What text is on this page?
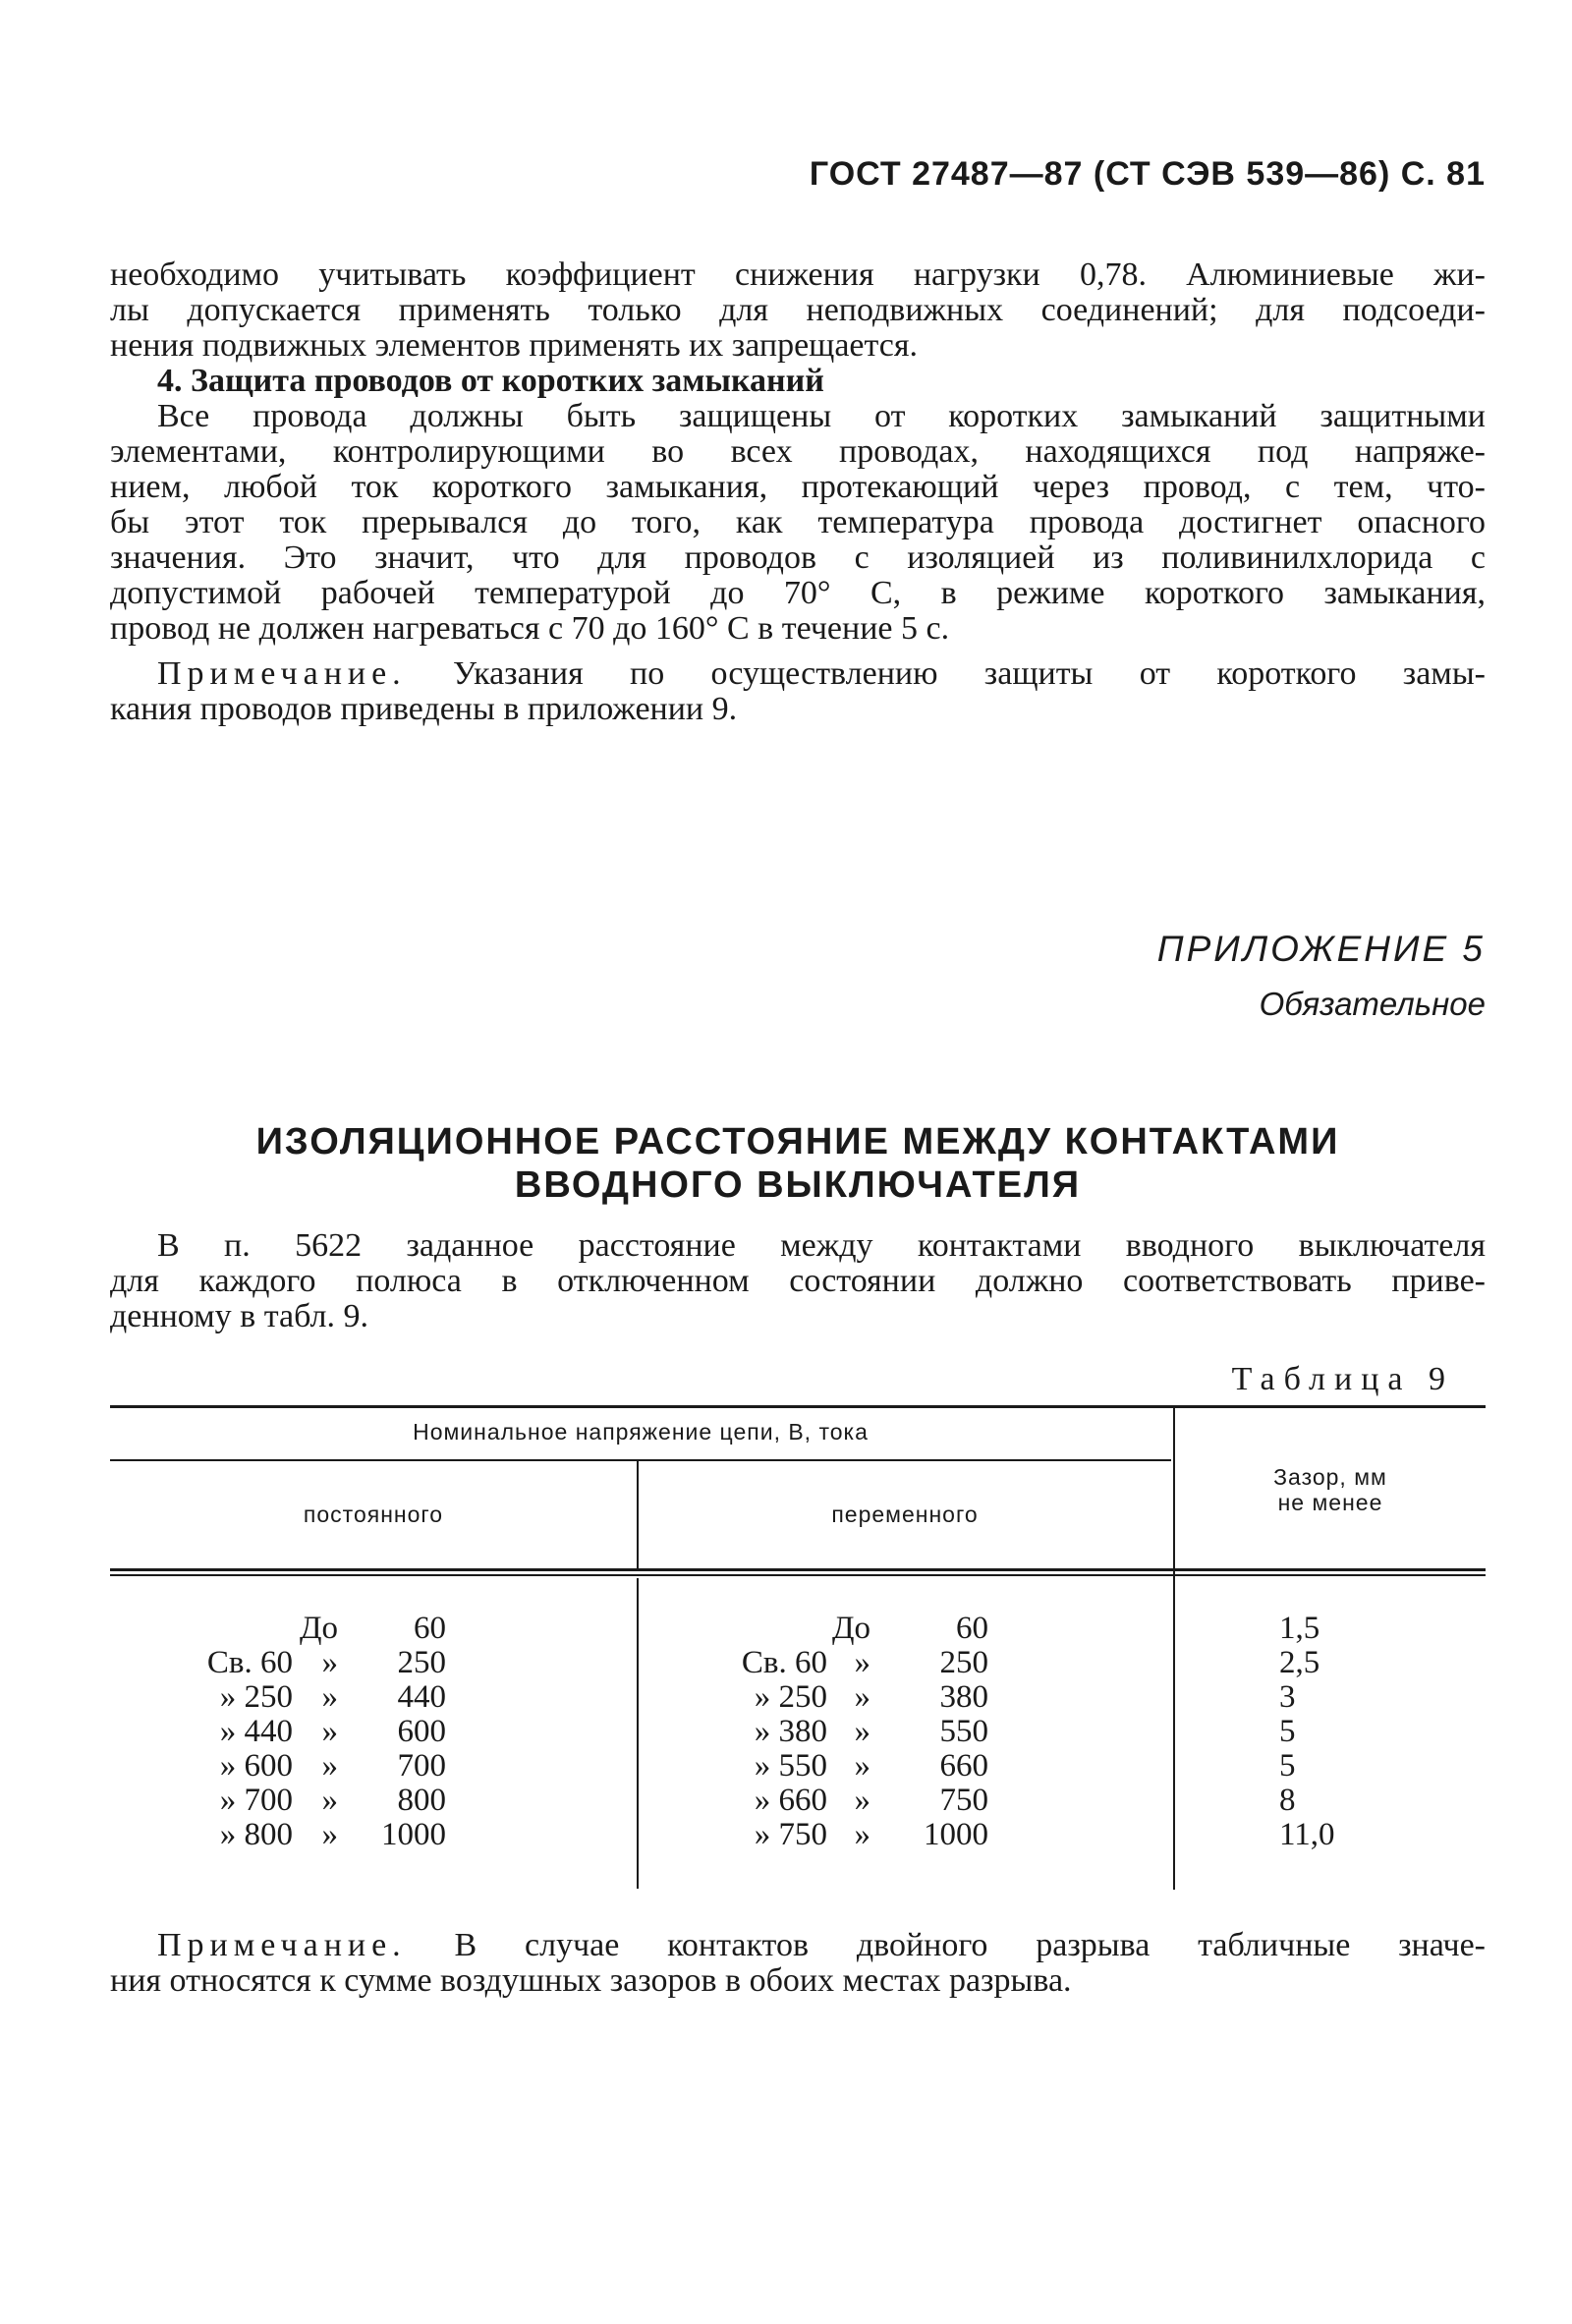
ГОСТ 27487—87 (СТ СЭВ 539—86) С. 81
необходимо учитывать коэффициент снижения нагрузки 0,78. Алюминиевые жи-
лы допускается применять только для неподвижных соединений; для подсоеди-
нения подвижных элементов применять их запрещается.
4. Защита проводов от коротких замыканий
Все провода должны быть защищены от коротких замыканий защитными
элементами, контролирующими во всех проводах, находящихся под напряже-
нием, любой ток короткого замыкания, протекающий через провод, с тем, что-
бы этот ток прерывался до того, как температура провода достигнет опасного
значения. Это значит, что для проводов с изоляцией из поливинилхлорида с
допустимой рабочей температурой до 70° С, в режиме короткого замыкания,
провод не должен нагреваться с 70 до 160° С в течение 5 с.
Примечание. Указания по осуществлению защиты от короткого замы-
кания проводов приведены в приложении 9.
ПРИЛОЖЕНИЕ 5
Обязательное
ИЗОЛЯЦИОННОЕ РАССТОЯНИЕ МЕЖДУ КОНТАКТАМИ
ВВОДНОГО ВЫКЛЮЧАТЕЛЯ
В п. 5622 заданное расстояние между контактами вводного выключателя
для каждого полюса в отключенном состоянии должно соответствовать приве-
денному в табл. 9.
Таблица 9
Номинальное напряжение цепи, В, тока
постоянного	переменного
Зазор, мм
не менее
До	60	До	60	1,5
Св. 60 »	250	Св. 60 »	250	2,5
» 250 »	440	» 250 »	380	3
» 440 »	600	» 380 »	550	5
» 600 »	700	» 550 »	660	5
» 700 »	800	» 660 »	750	8
» 800 »	1000	» 750 »	1000	11,0
Примечание. В случае контактов двойного разрыва табличные значе-
ния относятся к сумме воздушных зазоров в обоих местах разрыва.
